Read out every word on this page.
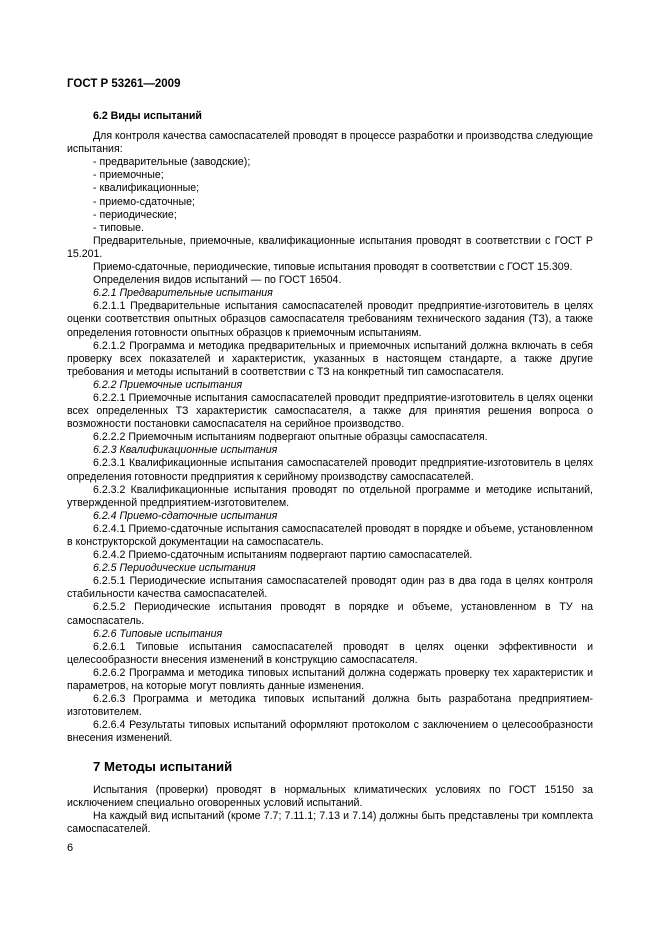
ГОСТ Р 53261—2009
6.2 Виды испытаний

Для контроля качества самоспасателей проводят в процессе разработки и производства следующие испытания:

- предварительные (заводские);

- приемочные;

- квалификационные;

- приемо-сдаточные;

- периодические;

- типовые.

Предварительные, приемочные, квалификационные испытания проводят в соответствии с ГОСТ Р 15.201.

Приемо-сдаточные, периодические, типовые испытания проводят в соответствии с ГОСТ 15.309.

Определения видов испытаний — по ГОСТ 16504.

6.2.1 Предварительные испытания

6.2.1.1 Предварительные испытания самоспасателей проводит предприятие-изготовитель в целях оценки соответствия опытных образцов самоспасателя требованиям технического задания (ТЗ), а также определения готовности опытных образцов к приемочным испытаниям.

6.2.1.2 Программа и методика предварительных и приемочных испытаний должна включать в себя проверку всех показателей и характеристик, указанных в настоящем стандарте, а также другие требования и методы испытаний в соответствии с ТЗ на конкретный тип самоспасателя.

6.2.2 Приемочные испытания

6.2.2.1 Приемочные испытания самоспасателей проводит предприятие-изготовитель в целях оценки всех определенных ТЗ характеристик самоспасателя, а также для принятия решения вопроса о возможности постановки самоспасателя на серийное производство.

6.2.2.2 Приемочным испытаниям подвергают опытные образцы самоспасателя.

6.2.3 Квалификационные испытания

6.2.3.1 Квалификационные испытания самоспасателей проводит предприятие-изготовитель в целях определения готовности предприятия к серийному производству самоспасателей.

6.2.3.2 Квалификационные испытания проводят по отдельной программе и методике испытаний, утвержденной предприятием-изготовителем.

6.2.4 Приемо-сдаточные испытания

6.2.4.1 Приемо-сдаточные испытания самоспасателей проводят в порядке и объеме, установленном в конструкторской документации на самоспасатель.

6.2.4.2 Приемо-сдаточным испытаниям подвергают партию самоспасателей.

6.2.5 Периодические испытания

6.2.5.1 Периодические испытания самоспасателей проводят один раз в два года в целях контроля стабильности качества самоспасателей.

6.2.5.2 Периодические испытания проводят в порядке и объеме, установленном в ТУ на самоспасатель.

6.2.6 Типовые испытания

6.2.6.1 Типовые испытания самоспасателей проводят в целях оценки эффективности и целесообразности внесения изменений в конструкцию самоспасателя.

6.2.6.2 Программа и методика типовых испытаний должна содержать проверку тех характеристик и параметров, на которые могут повлиять данные изменения.

6.2.6.3 Программа и методика типовых испытаний должна быть разработана предприятием-изготовителем.

6.2.6.4 Результаты типовых испытаний оформляют протоколом с заключением о целесообразности внесения изменений.

7 Методы испытаний

Испытания (проверки) проводят в нормальных климатических условиях по ГОСТ 15150 за исключением специально оговоренных условий испытаний.

На каждый вид испытаний (кроме 7.7; 7.11.1; 7.13 и 7.14) должны быть представлены три комплекта самоспасателей.

6
